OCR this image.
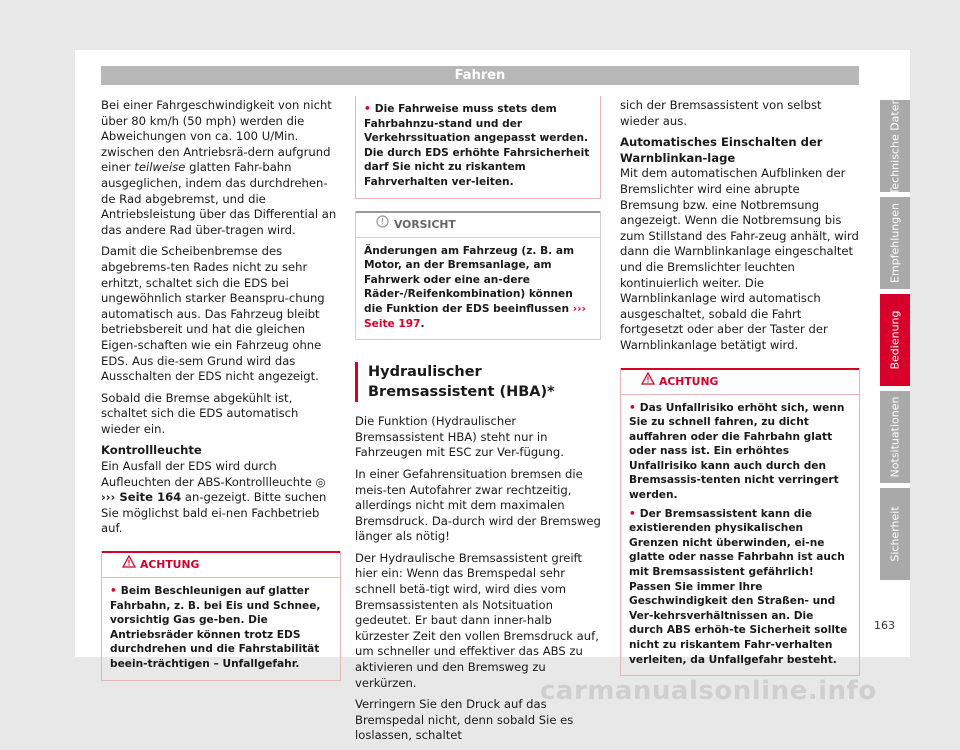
Fahren

Bei einer Fahrgeschwindigkeit von nicht über 80 km/h (50 mph) werden die Abweichungen von ca. 100 U/Min. zwischen den Antriebsrä-dern aufgrund einer teilweise glatten Fahr-bahn ausgeglichen, indem das durchdrehen-de Rad abgebremst, und die Antriebsleistung über das Differential an das andere Rad über-tragen wird.

Damit die Scheibenbremse des abgebrems-ten Rades nicht zu sehr erhitzt, schaltet sich die EDS bei ungewöhnlich starker Beanspru-chung automatisch aus. Das Fahrzeug bleibt betriebsbereit und hat die gleichen Eigen-schaften wie ein Fahrzeug ohne EDS. Aus die-sem Grund wird das Ausschalten der EDS nicht angezeigt.

Sobald die Bremse abgekühlt ist, schaltet sich die EDS automatisch wieder ein.

Kontrollleuchte

Ein Ausfall der EDS wird durch Aufleuchten der ABS-Kontrollleuchte ◎ ››› Seite 164 an-gezeigt. Bitte suchen Sie möglichst bald ei-nen Fachbetrieb auf.

ACHTUNG
• Beim Beschleunigen auf glatter Fahrbahn, z. B. bei Eis und Schnee, vorsichtig Gas ge-ben. Die Antriebsräder können trotz EDS durchdrehen und die Fahrstabilität beein-trächtigen – Unfallgefahr.
• Die Fahrweise muss stets dem Fahrbahnzu-stand und der Verkehrssituation angepasst werden. Die durch EDS erhöhte Fahrsicherheit darf Sie nicht zu riskantem Fahrverhalten ver-leiten.
VORSICHT
Änderungen am Fahrzeug (z. B. am Motor, an der Bremsanlage, am Fahrwerk oder eine an-dere Räder-/Reifenkombination) können die Funktion der EDS beeinflussen ››› Seite 197.
Hydraulischer Bremsassistent (HBA)*

Die Funktion (Hydraulischer Bremsassistent HBA) steht nur in Fahrzeugen mit ESC zur Ver-fügung.

In einer Gefahrensituation bremsen die meis-ten Autofahrer zwar rechtzeitig, allerdings nicht mit dem maximalen Bremsdruck. Da-durch wird der Bremsweg länger als nötig!

Der Hydraulische Bremsassistent greift hier ein: Wenn das Bremspedal sehr schnell betä-tigt wird, wird dies vom Bremsassistenten als Notsituation gedeutet. Er baut dann inner-halb kürzester Zeit den vollen Bremsdruck auf, um schneller und effektiver das ABS zu aktivieren und den Bremsweg zu verkürzen.

Verringern Sie den Druck auf das Bremspedal nicht, denn sobald Sie es loslassen, schaltet

sich der Bremsassistent von selbst wieder aus.

Automatisches Einschalten der Warnblinkan-lage

Mit dem automatischen Aufblinken der Bremslichter wird eine abrupte Bremsung bzw. eine Notbremsung angezeigt. Wenn die Notbremsung bis zum Stillstand des Fahr-zeug anhält, wird dann die Warnblinkanlage eingeschaltet und die Bremslichter leuchten kontinuierlich weiter. Die Warnblinkanlage wird automatisch ausgeschaltet, sobald die Fahrt fortgesetzt oder aber der Taster der Warnblinkanlage betätigt wird.

ACHTUNG
• Das Unfallrisiko erhöht sich, wenn Sie zu schnell fahren, zu dicht auffahren oder die Fahrbahn glatt oder nass ist. Ein erhöhtes Unfallrisiko kann auch durch den Bremsassis-tenten nicht verringert werden.
• Der Bremsassistent kann die existierenden physikalischen Grenzen nicht überwinden, ei-ne glatte oder nasse Fahrbahn ist auch mit Bremsassistent gefährlich! Passen Sie immer Ihre Geschwindigkeit den Straßen- und Ver-kehrsverhältnissen an. Die durch ABS erhöh-te Sicherheit sollte nicht zu riskantem Fahr-verhalten verleiten, da Unfallgefahr besteht.
Technische Daten
Empfehlungen
Bedienung
Notsituationen
Sicherheit
163
carmanualsonline.info
